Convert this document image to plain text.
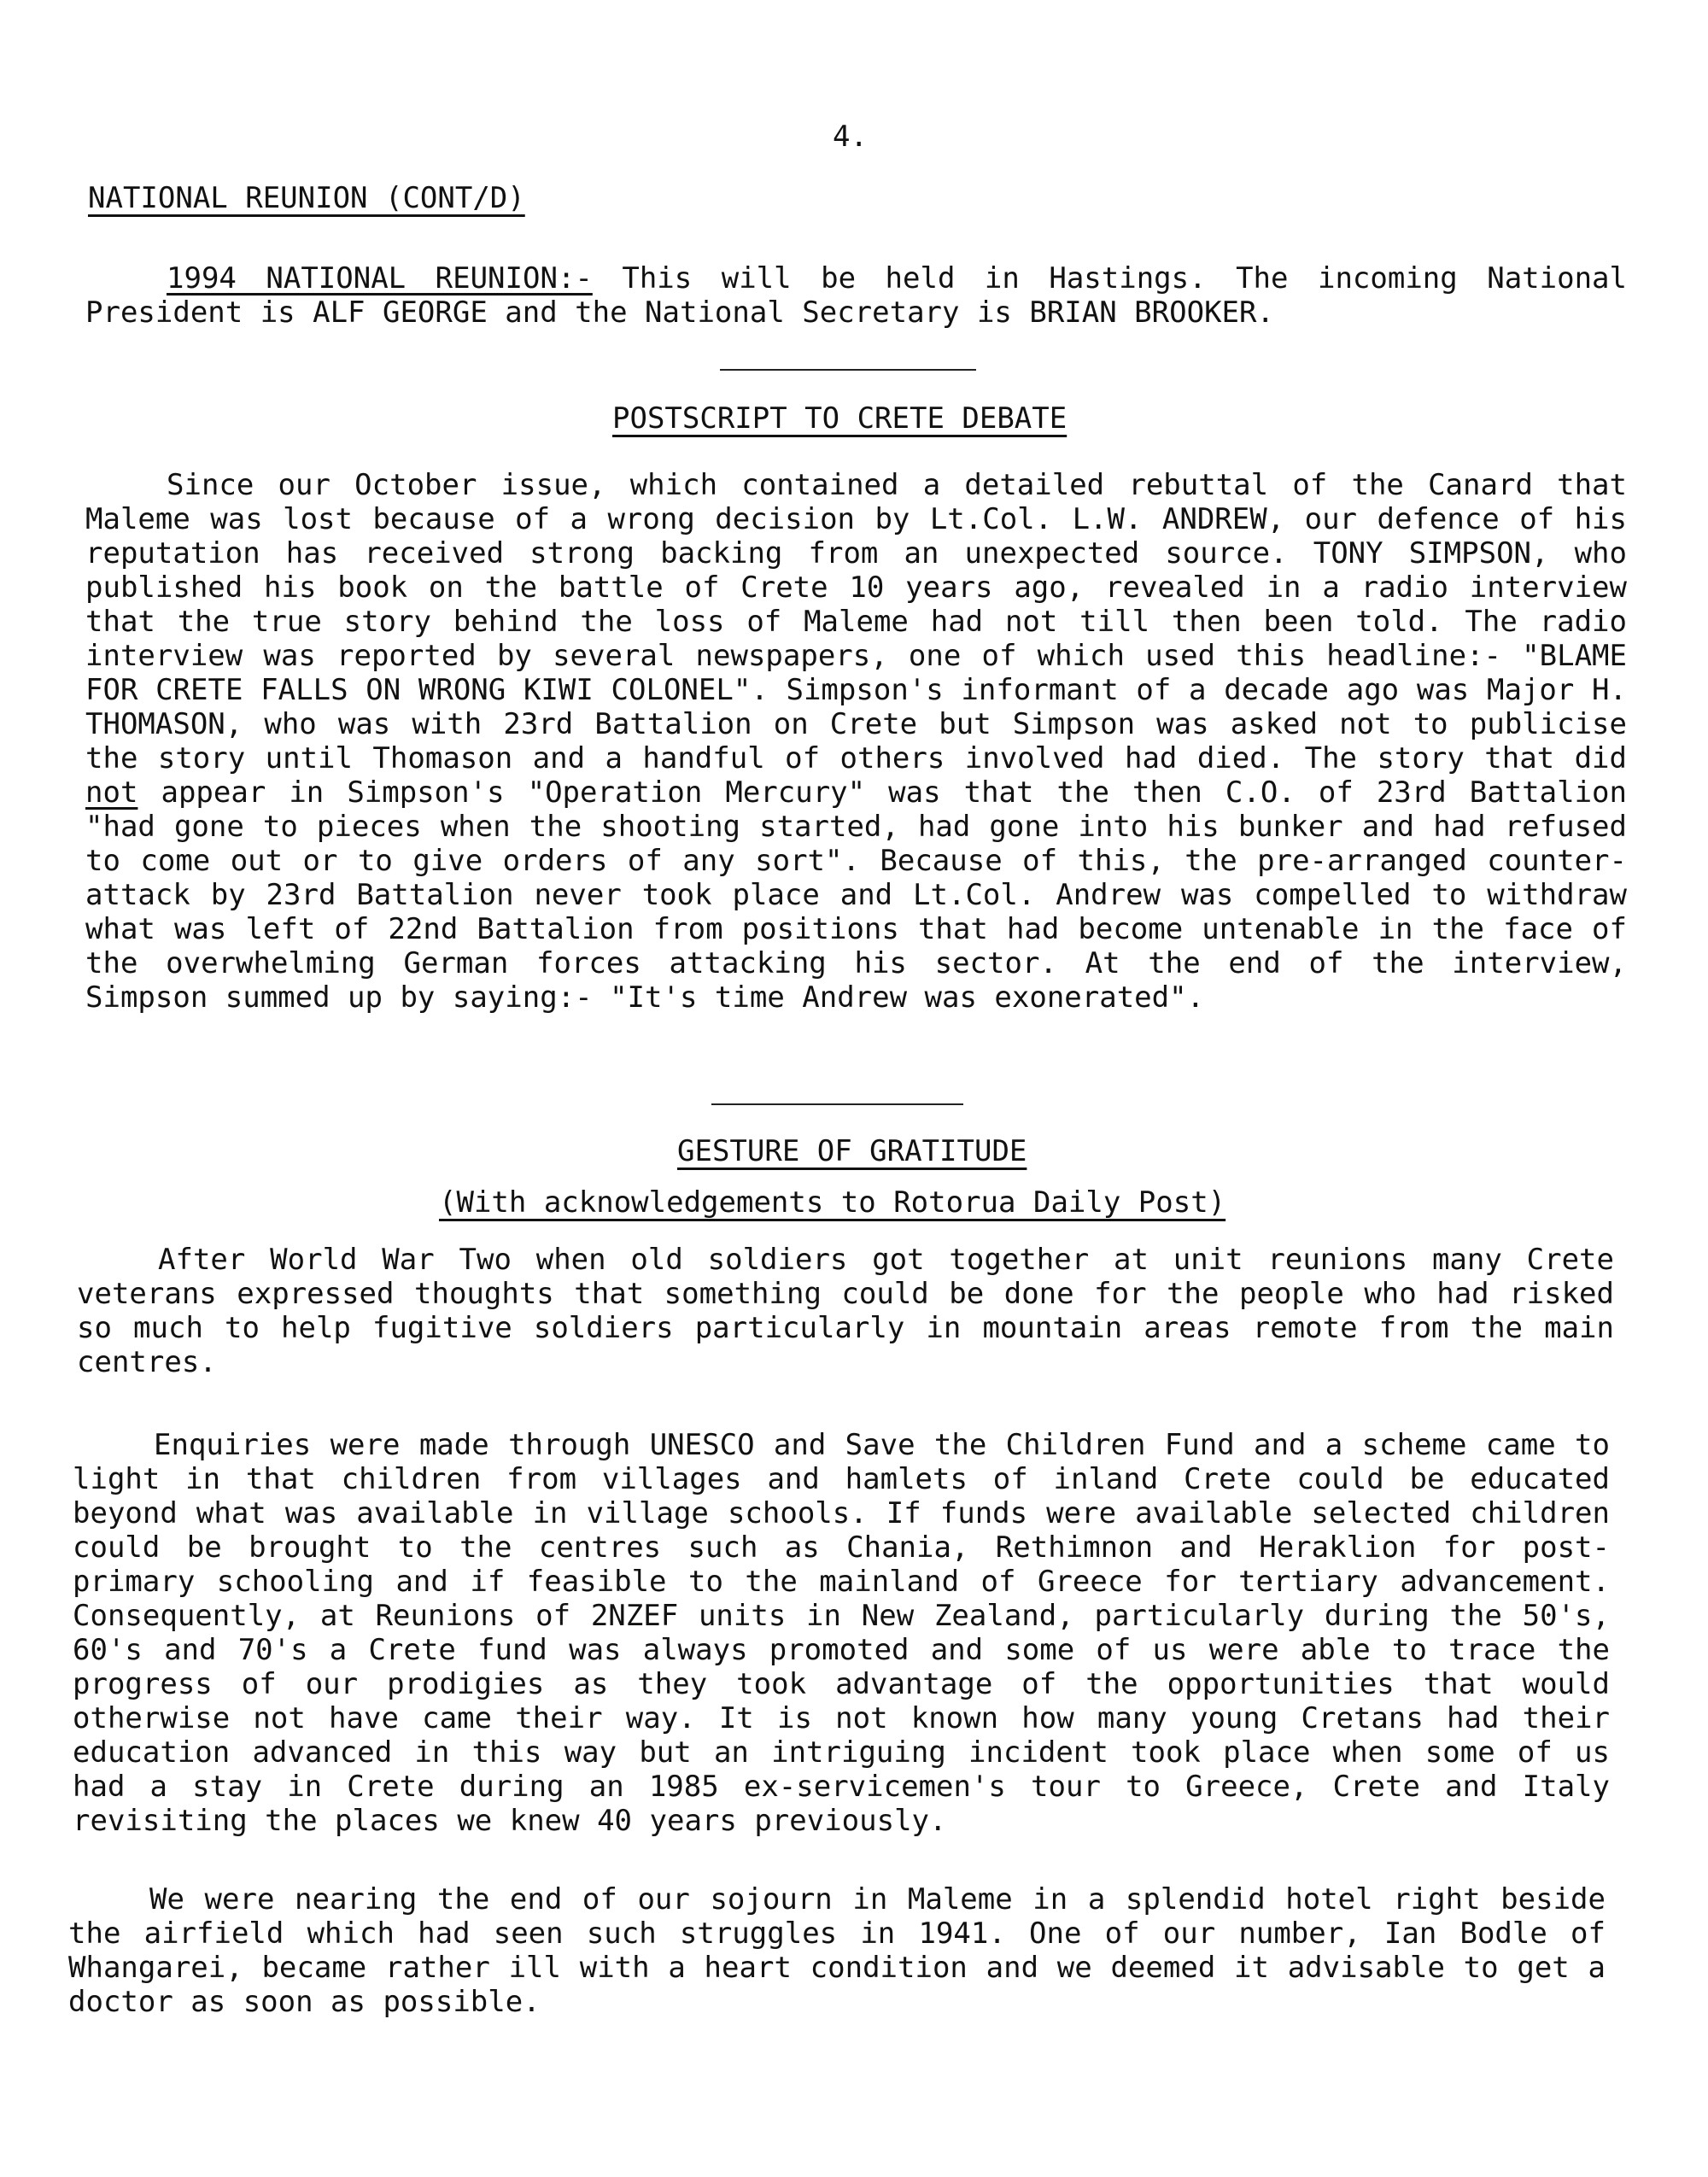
4.
NATIONAL REUNION (CONT/D)

1994 NATIONAL REUNION:- This will be held in Hastings. The incoming National President is ALF GEORGE and the National Secretary is BRIAN BROOKER.

POSTSCRIPT TO CRETE DEBATE

Since our October issue, which contained a detailed rebuttal of the Canard that Maleme was lost because of a wrong decision by Lt.Col. L.W. ANDREW, our defence of his reputation has received strong backing from an unexpected source. TONY SIMPSON, who published his book on the battle of Crete 10 years ago, revealed in a radio interview that the true story behind the loss of Maleme had not till then been told. The radio interview was reported by several newspapers, one of which used this headline:- "BLAME FOR CRETE FALLS ON WRONG KIWI COLONEL". Simpson's informant of a decade ago was Major H. THOMASON, who was with 23rd Battalion on Crete but Simpson was asked not to publicise the story until Thomason and a handful of others involved had died. The story that did not appear in Simpson's "Operation Mercury" was that the then C.O. of 23rd Battalion "had gone to pieces when the shooting started, had gone into his bunker and had refused to come out or to give orders of any sort". Because of this, the pre-arranged counter-attack by 23rd Battalion never took place and Lt.Col. Andrew was compelled to withdraw what was left of 22nd Battalion from positions that had become untenable in the face of the overwhelming German forces attacking his sector. At the end of the interview, Simpson summed up by saying:- "It's time Andrew was exonerated".

GESTURE OF GRATITUDE
(With acknowledgements to Rotorua Daily Post)

After World War Two when old soldiers got together at unit reunions many Crete veterans expressed thoughts that something could be done for the people who had risked so much to help fugitive soldiers particularly in mountain areas remote from the main centres.

Enquiries were made through UNESCO and Save the Children Fund and a scheme came to light in that children from villages and hamlets of inland Crete could be educated beyond what was available in village schools. If funds were available selected children could be brought to the centres such as Chania, Rethimnon and Heraklion for post-primary schooling and if feasible to the mainland of Greece for tertiary advancement. Consequently, at Reunions of 2NZEF units in New Zealand, particularly during the 50's, 60's and 70's a Crete fund was always promoted and some of us were able to trace the progress of our prodigies as they took advantage of the opportunities that would otherwise not have came their way. It is not known how many young Cretans had their education advanced in this way but an intriguing incident took place when some of us had a stay in Crete during an 1985 ex-servicemen's tour to Greece, Crete and Italy revisiting the places we knew 40 years previously.

We were nearing the end of our sojourn in Maleme in a splendid hotel right beside the airfield which had seen such struggles in 1941. One of our number, Ian Bodle of Whangarei, became rather ill with a heart condition and we deemed it advisable to get a doctor as soon as possible.
